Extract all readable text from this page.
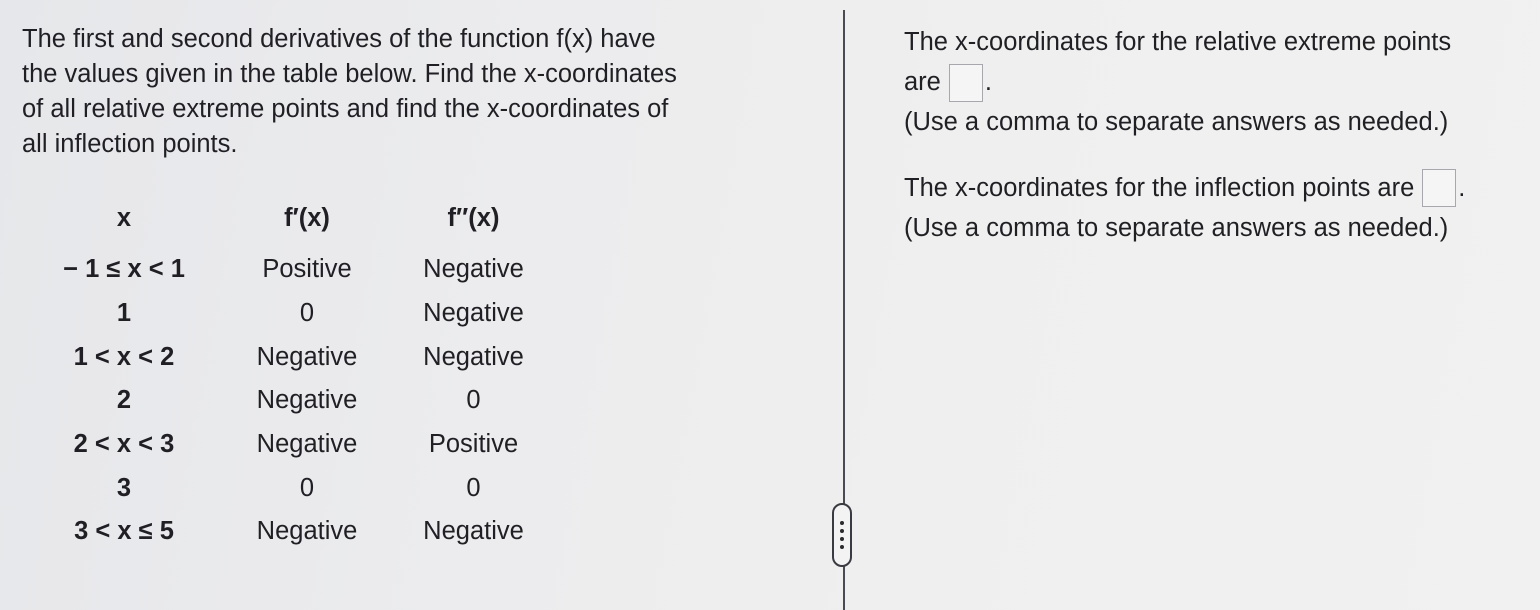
The first and second derivatives of the function f(x) have
the values given in the table below. Find the x-coordinates
of all relative extreme points and find the x-coordinates of
all inflection points.
x	f′(x)	f′′(x)
− 1 ≤ x < 1	Positive	Negative
1	0	Negative
1 < x < 2	Negative	Negative
2	Negative	0
2 < x < 3	Negative	Positive
3	0	0
3 < x ≤ 5	Negative	Negative
The x-coordinates for the relative extreme points
are .
(Use a comma to separate answers as needed.)
The x-coordinates for the inflection points are .
(Use a comma to separate answers as needed.)
